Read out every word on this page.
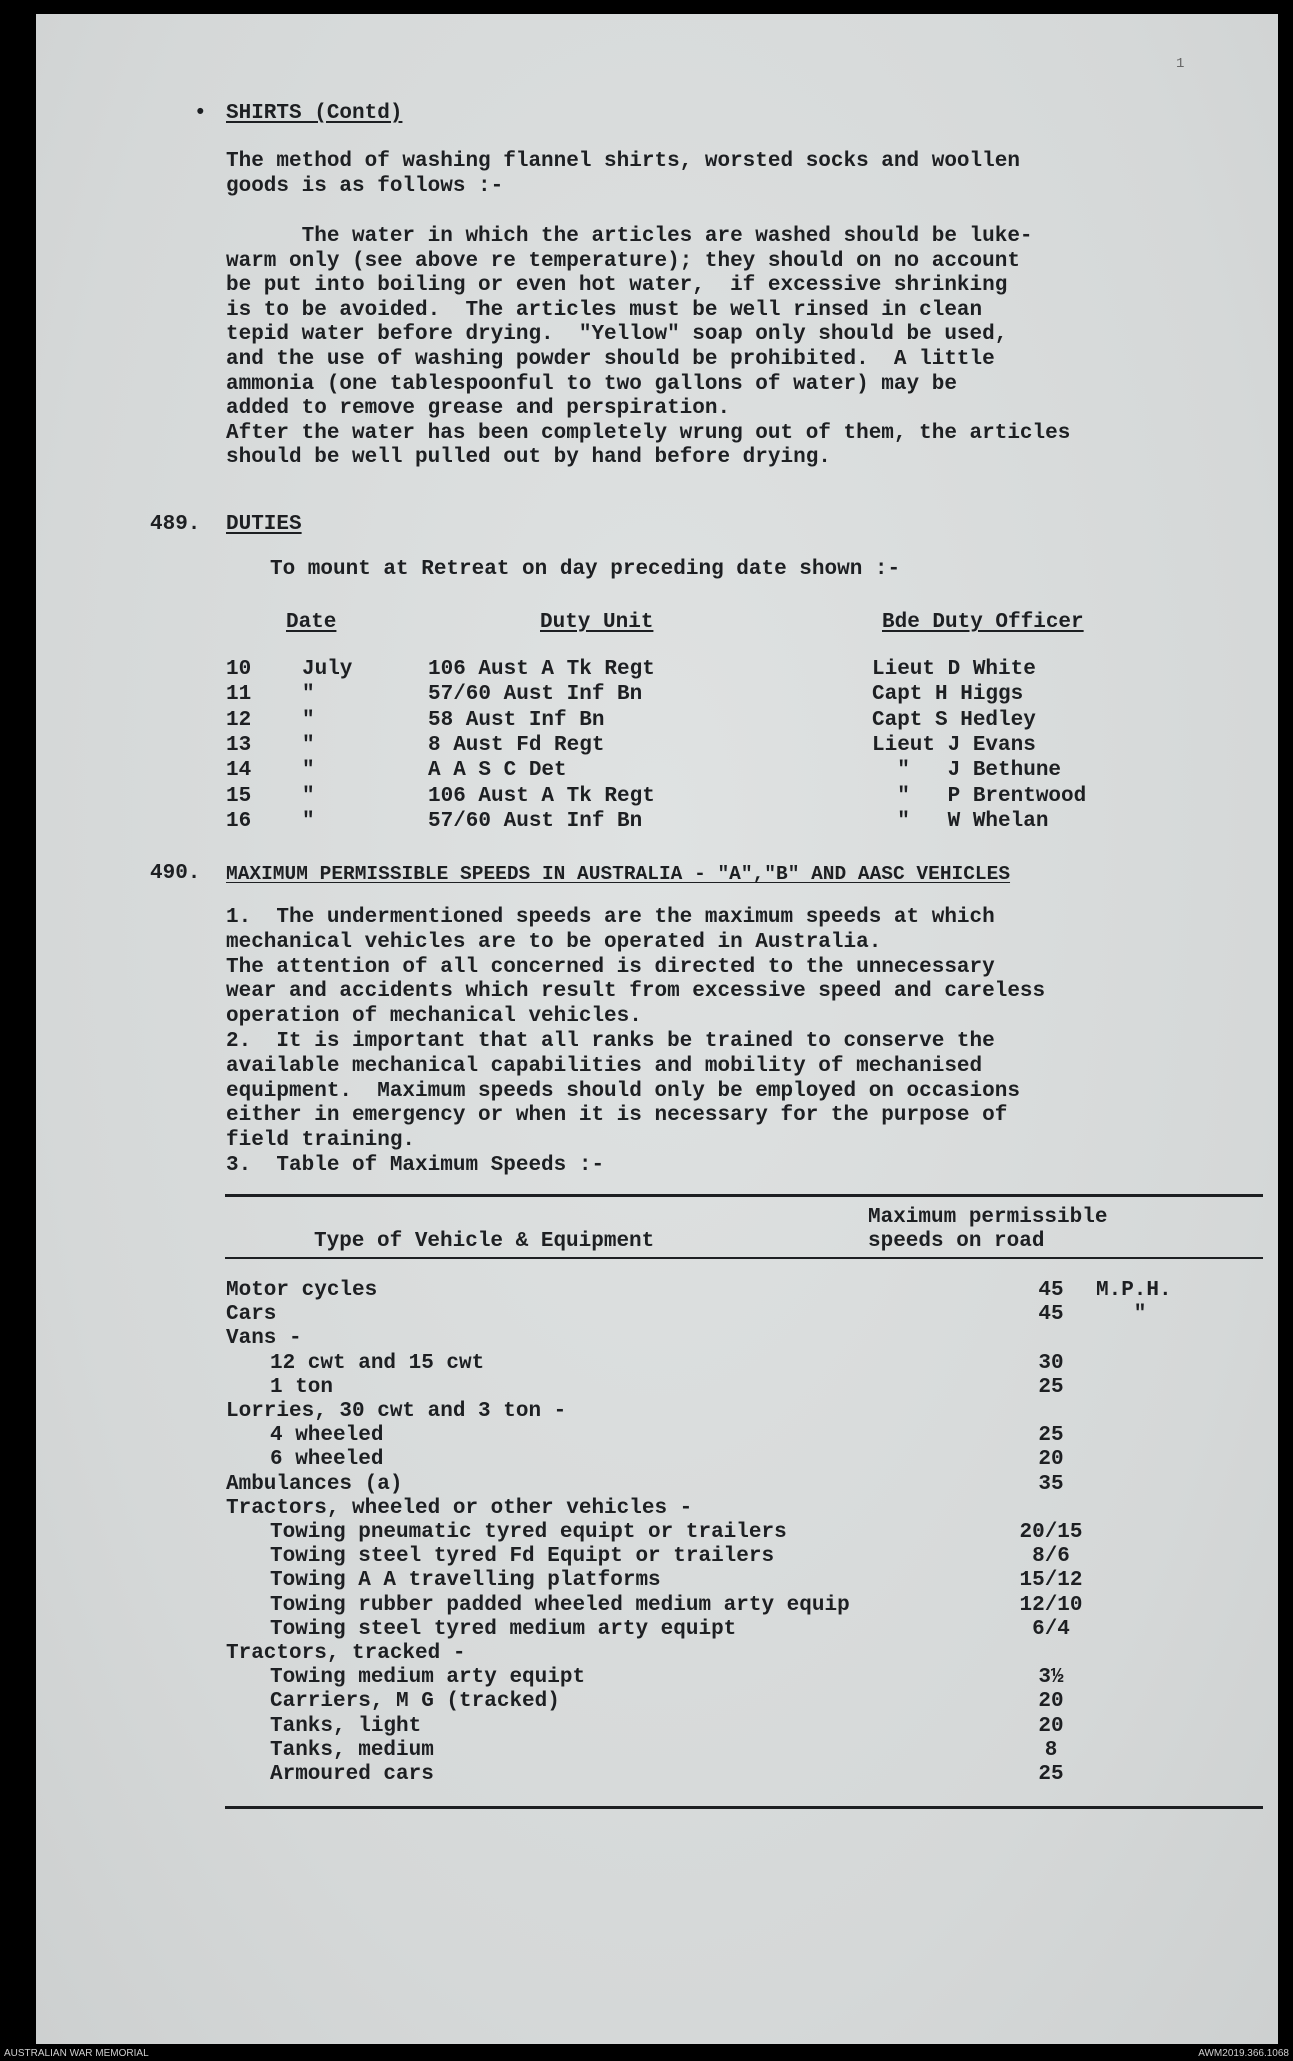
• SHIRTS (Contd)
The method of washing flannel shirts, worsted socks and woollen
goods is as follows :-
The water in which the articles are washed should be luke-
warm only (see above re temperature); they should on no account
be put into boiling or even hot water,  if excessive shrinking
is to be avoided.  The articles must be well rinsed in clean
tepid water before drying.  "Yellow" soap only should be used,
and the use of washing powder should be prohibited.  A little
ammonia (one tablespoonful to two gallons of water) may be
added to remove grease and perspiration.
After the water has been completely wrung out of them, the articles
should be well pulled out by hand before drying.
489. DUTIES
To mount at Retreat on day preceding date shown :-
Date	Duty Unit	Bde Duty Officer
10 July	106 Aust A Tk Regt	Lieut D White
11 "	57/60 Aust Inf Bn	Capt H Higgs
12 "	58 Aust Inf Bn	Capt S Hedley
13 "	8 Aust Fd Regt	Lieut J Evans
14 "	A A S C Det	"   J Bethune
15 "	106 Aust A Tk Regt	"   P Brentwood
16 "	57/60 Aust Inf Bn	"   W Whelan
490. MAXIMUM PERMISSIBLE SPEEDS IN AUSTRALIA - "A","B" AND AASC VEHICLES
1.  The undermentioned speeds are the maximum speeds at which
mechanical vehicles are to be operated in Australia.
The attention of all concerned is directed to the unnecessary
wear and accidents which result from excessive speed and careless
operation of mechanical vehicles.
2.  It is important that all ranks be trained to conserve the
available mechanical capabilities and mobility of mechanised
equipment.  Maximum speeds should only be employed on occasions
either in emergency or when it is necessary for the purpose of
field training.
3.  Table of Maximum Speeds :-
Type of Vehicle & Equipment
Maximum permissible
speeds on road
Motor cycles	45	M.P.H.
Cars	45	"
Vans -
12 cwt and 15 cwt	30
1 ton	25
Lorries, 30 cwt and 3 ton -
4 wheeled	25
6 wheeled	20
Ambulances (a)	35
Tractors, wheeled or other vehicles -
Towing pneumatic tyred equipt or trailers	20/15
Towing steel tyred Fd Equipt or trailers	8/6
Towing A A travelling platforms	15/12
Towing rubber padded wheeled medium arty equip	12/10
Towing steel tyred medium arty equipt	6/4
Tractors, tracked -
Towing medium arty equipt	3½
Carriers, M G (tracked)	20
Tanks, light	20
Tanks, medium	8
Armoured cars	25
1
AUSTRALIAN WAR MEMORIAL	AWM2019.366.1068
